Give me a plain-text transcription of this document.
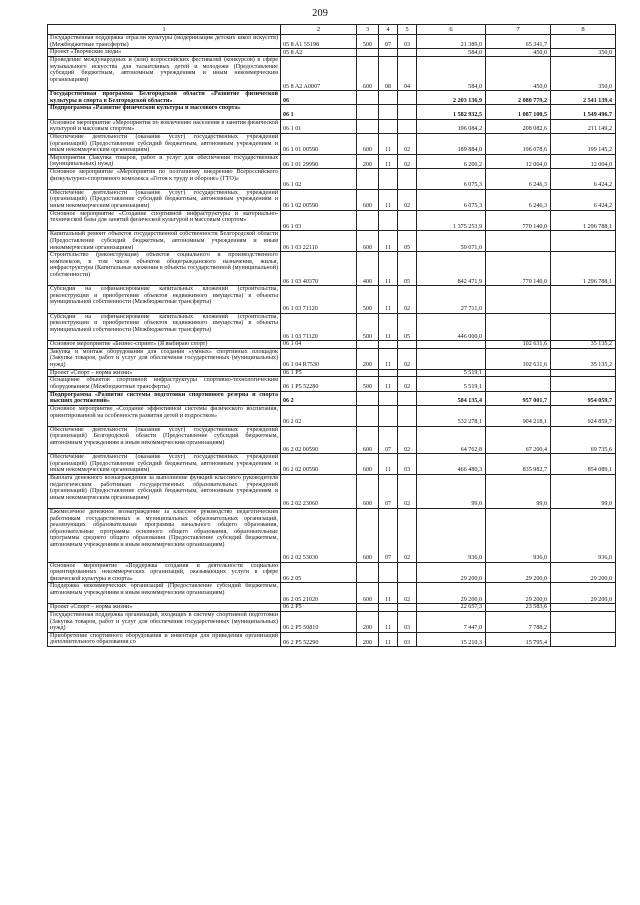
209
1	2	3	4	5	6	7	8
Государственная поддержка отрасли культуры (модернизация детских школ искусств) (Межбюджетные трансферты)	05 8 A1 55198	500	07	03	21 389,0	65 341,7	
Проект «Творческие люди»	05 8 A2				584,0	450,0	350,0
Проведение международных и (или) всероссийских фестивалей (конкурсов) в сфере музыкального искусства для талантливых детей и молодежи (Предоставление субсидий бюджетным, автономным учреждениям и иным некоммерческим организациям)	05 8 A2 A0007	600	08	04	584,0	450,0	350,0
Государственная программа Белгородской области «Развитие физической культуры и спорта в Белгородской области»	06				2 203 136,9	2 080 779,2	2 541 139,4
Подпрограмма «Развитие физической культуры и массового спорта»	06 1				1 582 932,5	1 087 100,5	1 549 496,7
Основное мероприятие «Мероприятия по вовлечению населения в занятия физической культурой и массовым спортом»	06 1 01				196 084,2	208 082,6	211 149,2
Обеспечение деятельности (оказание услуг) государственных учреждений (организаций) (Предоставление субсидий бюджетным, автономным учреждениям и иным некоммерческим организациям)	06 1 01 00590	600	11	02	189 884,0	196 078,6	199 145,2
Мероприятия (Закупка товаров, работ и услуг для обеспечения государственных (муниципальных) нужд)	06 1 01 29990	200	11	02	6 200,2	12 004,0	12 004,0
Основное мероприятие «Мероприятия по поэтапному внедрению Всероссийского физкультурно-спортивного комплекса «Готов к труду и обороне» (ГТО)»	06 1 02				6 075,3	6 246,3	6 424,2
Обеспечение деятельности (оказание услуг) государственных учреждений (организаций) (Предоставление субсидий бюджетным, автономным учреждениям и иным некоммерческим организациям)	06 1 02 00590	600	11	02	6 075,3	6 246,3	6 424,2
Основное мероприятие «Создание спортивной инфраструктуры и материально-технической базы для занятий физической культурой и массовым спортом»	06 1 03				1 375 253,9	770 140,0	1 296 788,1
Капитальный ремонт объектов государственной собственности Белгородской области (Предоставление субсидий бюджетным, автономным учреждениям и иным некоммерческим организациям)	06 1 03 22110	600	11	05	59 071,0		
Строительство (реконструкция) объектов социального и производственного комплексов, в том числе объектов общегражданского назначения, жилья, инфраструктуры (Капитальные вложения в объекты государственной (муниципальной) собственности)	06 1 03 40370	400	11	05	842 471,9	770 140,0	1 296 788,1
Субсидии на софинансирование капитальных вложений (строительства, реконструкции и приобретения объектов недвижимого имущества) в объекты муниципальной собственности (Межбюджетные трансферты)	06 1 03 71120	500	11	02	27 711,0		
Субсидии на софинансирование капитальных вложений (строительства, реконструкции и приобретения объектов недвижимого имущества) в объекты муниципальной собственности (Межбюджетные трансферты)	06 1 03 71120	500	11	05	446 000,0		
Основное мероприятие «Бизнес-спринт» (Я выбираю спорт)	06 1 04					102 631,6	35 135,2
Закупка и монтаж оборудования для создания «умных» спортивных площадок (Закупка товаров, работ и услуг для обеспечения государственных (муниципальных) нужд)	06 1 04 R7530	200	11	02		102 631,6	35 135,2
Проект «Спорт – норма жизни»	06 1 P5				5 519,1		
Оснащение объектов спортивной инфраструктуры спортивно-технологическим оборудованием (Межбюджетные трансферты)	06 1 P5 52280	500	11	02	5 519,1		
Подпрограмма «Развитие системы подготовки спортивного резерва и спорта высших достижений»	06 2				584 135,4	957 001,7	954 059,7
Основное мероприятие «Создание эффективной системы физического воспитания, ориентированной на особенности развития детей и подростков»	06 2 02				532 278,1	904 218,1	924 859,7
Обеспечение деятельности (оказание услуг) государственных учреждений (организаций) Белгородской области (Предоставление субсидий бюджетным, автономным учреждениям и иным некоммерческим организациям)	06 2 02 00590	600	07	02	64 762,8	67 200,4	69 735,6
Обеспечение деятельности (оказание услуг) государственных учреждений (организаций) (Предоставление субсидий бюджетным, автономным учреждениям и иным некоммерческим организациям)	06 2 02 00590	600	11	03	466 480,3	835 982,7	854 089,1
Выплата денежного вознаграждения за выполнение функций классного руководителя педагогическим работникам государственных образовательных учреждений (организаций) (Предоставление субсидий бюджетным, автономным учреждениям и иным некоммерческим организациям)	06 2 02 23060	600	07	02	99,0	99,0	99,0
Ежемесячное денежное вознаграждение за классное руководство педагогическим работникам государственных и муниципальных образовательных организаций, реализующих образовательные программы начального общего образования, образовательные программы основного общего образования, образовательные программы среднего общего образования (Предоставление субсидий бюджетным, автономным учреждениям и иным некоммерческим организациям)	06 2 02 53030	600	07	02	936,0	936,0	936,0
Основное мероприятие «Поддержка создания и деятельности социально ориентированных некоммерческих организаций, оказывающих услуги в сфере физической культуры и спорта»	06 2 05				29 200,0	29 200,0	29 200,0
Поддержка некоммерческих организаций (Предоставление субсидий бюджетным, автономным учреждениям и иным некоммерческим организациям)	06 2 05 21020	600	11	02	29 200,0	29 200,0	29 200,0
Проект «Спорт – норма жизни»	06 2 P5				22 657,3	23 583,6	
Государственная поддержка организаций, входящих в систему спортивной подготовки (Закупка товаров, работ и услуг для обеспечения государственных (муниципальных) нужд)	06 2 P5 50810	200	11	03	7 447,0	7 788,2	
Приобретение спортивного оборудования и инвентаря для приведения организаций дополнительного образования со	06 2 P5 52290	200	11	03	15 210,3	15 795,4	
